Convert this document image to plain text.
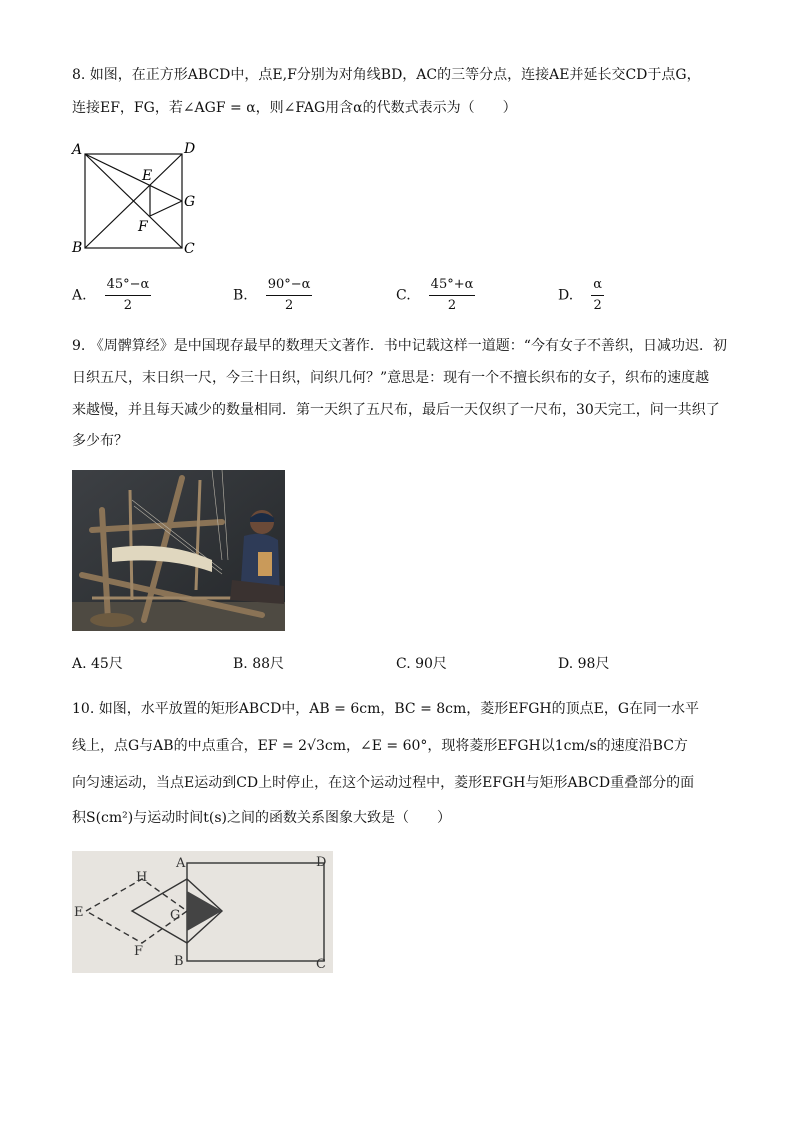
8. 如图，在正方形ABCD中，点E,F分别为对角线BD，AC的三等分点，连接AE并延长交CD于点G，
连接EF，FG，若∠AGF = α，则∠FAG用含α的代数式表示为（　　）
A	D
B	C
E
F
G
A. $\frac{45^\circ-\alpha}{2}$	B. $\frac{90^\circ-\alpha}{2}$	C. $\frac{45^\circ+\alpha}{2}$	D. $\frac{\alpha}{2}$
9. 《周髀算经》是中国现存最早的数理天文著作．书中记载这样一道题：“今有女子不善织，日减功迟．初
日织五尺，末日织一尺，今三十日织，问织几何？”意思是：现有一个不擅长织布的女子，织布的速度越
来越慢，并且每天减少的数量相同．第一天织了五尺布，最后一天仅织了一尺布，30天完工，问一共织了
多少布？
A. 45尺	B. 88尺	C. 90尺	D. 98尺
10. 如图，水平放置的矩形ABCD中，AB = 6cm，BC = 8cm，菱形EFGH的顶点E，G在同一水平
线上，点G与AB的中点重合，EF = 2√3cm，∠E = 60°，现将菱形EFGH以1cm/s的速度沿BC方
向匀速运动，当点E运动到CD上时停止，在这个运动过程中，菱形EFGH与矩形ABCD重叠部分的面
积S(cm²)与运动时间t(s)之间的函数关系图象大致是（　　）
A	D
B	C
H
E	G
F
